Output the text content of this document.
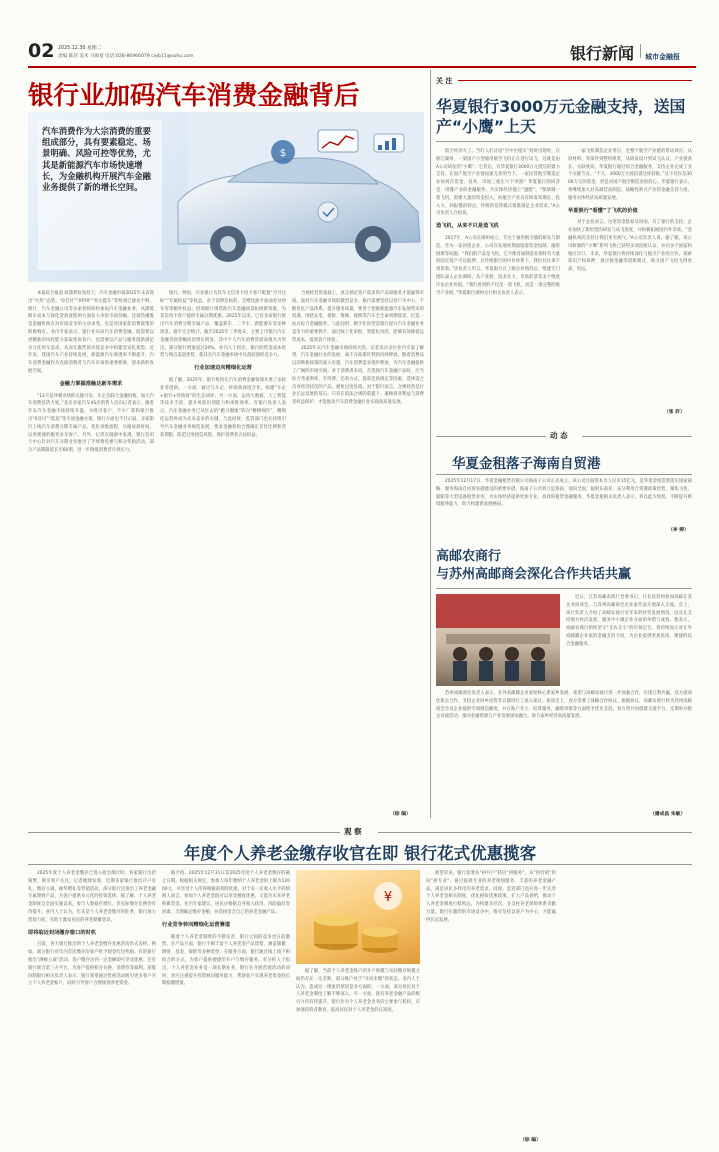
02 2025.12.30 星期二
责编 陈萍 美术 马海宽 电话:028-86966079 cejb11@sohu.com	银行新闻	城市金融报
银行业加码汽车消费金融背后
$
汽车消费作为大宗消费的重要组成部分，具有要素稳定、场景明确、风险可控等优势，尤其是新能源汽车市场快速增长，为金融机构开展汽车金融业务提供了新的增长空间。

本报综合报道 政策利好加持下，汽车金融市场2025年末表现出“火热”态势。“0首付”“0利率”“0元提车”等机遇已屡见不鲜。银行、汽车金融公司等多家机构纷纷加码汽车金融业务，从降低购车成本与简化贷款流程两方面发力争抢市场份额。这场热潮既是金融机构应对市场竞争的主动求变，也是对国家促消费政策的积极响应。业内专家表示，银行业布局汽车消费金融，既需要以更精准的风控能力获取优质客户，也需要以产品与服务创新满足多元化用车需求，从而在激烈的市场竞争中构建差异化优势。近年来，我国汽车产业持续发展，新能源汽车渗透率不断提升，汽车消费金融作为连接消费者与汽车市场的重要桥梁，迎来新的发展空间。

金融力掌握准触达新车需求

“12月是冲刺业绩的关键月份，车企会联合金融机构，加大汽车消费信贷力度。”北京多家汽车4S店销售人员向记者表示，随着年末汽车金融市场持续升温，为吸引客户，不少厂商和银行推出“0首付”“低息”等专项金融方案。银行方面也不甘示弱，多家银行上线汽车消费分期专属产品，优化审批流程，压缩放款时间，以更便捷的服务争夺客户。另外，记者在调研中发现，银行信用卡中心针对汽车分期业务推出了手续费优惠与积分奖励活动，部分产品期限延长至60期，进一步降低消费者月供压力。

银行。例如，兴业银行为其车主信用卡持卡客户配置“月月达标”“专属权益”等权益，对于消费达标的，会赠送油卡加油券及停车券等额外权益；招商银行则借助汽车金融场景拓展新客群，为其信用卡客户提供专属分期优惠。2025年以来，已有多家银行推出汽车消费分期专属产品，覆盖新车、二手车、新能源车等多种场景。据不完全统计，截至2025年三季度末，主要上市银行汽车金融贷款余额同比增长明显，其中个人汽车消费贷款表现尤为突出，部分银行增速超过20%。业内人士指出，银行的资金成本优势与网点渠道优势，使其在汽车金融市场中具备较强的竞争力。

行业加速迈向精细化运营

据了解，2025年，银行机构在汽车消费金融领域开展了多轮业务创新。一方面，通过与车企、经销商深度合作，构建“车企+银行+经销商”的生态闭环；另一方面，运用大数据、人工智能等技术手段，提升风险识别能力和审批效率。有银行负责人表示，汽车金融业务已从过去的“跑马圈地”转向“精耕细作”，精细化运营将成为未来竞争的关键。与此同时，监管部门也在持续引导汽车金融业务规范发展，要求金融机构合理确定首付比例和贷款期限，防范过度授信风险，保护消费者合法权益。

合规经营的基础上，真正满足客户需求的产品和服务才能赢得市场。面对汽车金融市场的激烈竞争，银行需要坚持以客户为中心，不断优化产品体系，提升服务质量。要善于把握新能源汽车发展带来的机遇，围绕充电、保险、维修、置换等汽车全生命周期场景，打造一站式综合金融服务。与此同时，数字化转型是银行提升汽车金融业务竞争力的重要抓手，通过线上化审批、智能化风控，能够有效降低运营成本，提高客户体验。

2025年末汽车金融市场持续火热，记者采访多位业内专家了解到，汽车金融行业的发展，离不开政策红利的持续释放。随着消费品以旧换新政策的深入实施，汽车消费需求逐步释放，为汽车金融提供了广阔的市场空间。对于消费者来说，在选择汽车金融产品时，应当综合考虑利率、手续费、还款方式、提前还款规定等因素，选择适合自身经济状况的产品，避免过度负债。对于银行而言，合规经营是行业长远发展的基石。只有在依法合规的前提下，兼顾商业利益与消费者权益保护，才能推动汽车消费金融行业实现高质量发展。

（综 编）
关 注
华夏银行3000万元金融支持，送国产“小鹰”上天

低空经济火了。当红人们讨论“空中出租车”何时出现时，在浙江湖州，一架国产小型通用航空飞机正在进行试飞，这就是由A公司研发的“小鹰”。它背后，有华夏银行3000万元授信的鼎力支持。在国产航空产业链加速完善的当下，一家民营航空制造企业如何在资金、技术、市场三重压力下突围？华夏银行的回答是：用懂产业的金融服务，为实体经济插上“翅膀”。“要研制一架飞机，需要大量的资金投入，而航空产业具有研发周期长、投入大、回报慢的特点，传统的信贷模式很难满足企业需求。”A公司负责人介绍说。

造飞机，从来不只是造飞机

2017年，A公司在湖州成立，专注于通用航空器的研发与制造。作为一家初创企业，公司在发展初期面临着资金短缺、融资困难等问题。“我们的产品是飞机，它不像普通制造业那样有大量的固定资产可以抵押，在传统银行的评价体系下，我们往往拿不到贷款。”该负责人坦言。华夏银行在了解企业情况后，组建专门团队深入企业调研，从产业链、技术实力、市场前景等多个维度评估企业价值。“我们看到的不仅是一架飞机，而是一条完整的航空产业链。”华夏银行湖州分行相关负责人表示。

一家飞机制造企业背后，是整个航空产业链的带动效应。从原材料、零部件到整机组装，从研发设计到试飞认证，产业链条长、关联度高。华夏银行通过综合金融服务，支持企业完成了多个关键节点。“不久，3000万元授信就这样获批。”这不仅仅是3000万元的资金，更是对国产航空制造业的信心。华夏银行表示，将继续加大对高端装备制造、战略性新兴产业的金融支持力度，服务实体经济高质量发展。

华夏银行“看懂”了飞机的价值

对于企业而言，这笔资金犹如及时雨。有了银行的支持，企业加快了新机型的研发与试飞进度，并积极拓展国内外市场。“金融机构的支持让我们更有底气。”A公司负责人说。据了解，该公司研制的“小鹰”系列飞机已获得多项适航认证，并向多个国家和地区出口。未来，华夏银行将持续深化与航空产业的合作，探索知识产权质押、供应链金融等创新模式，助力国产飞机飞得更高、更远。

（张 轩）
动 态
华夏金租落子海南自贸港

2025年12月17日，华夏金融租赁有限公司海南子公司正式成立。该公司注册资本为人民币15亿元，是华夏金租贯彻落实国家战略、服务海南自由贸易港建设的重要举措。海南子公司将立足海南、面向全国、辐射东南亚，充分利用自贸港政策优势，聚焦飞机、船舶等大型设备租赁业务，为实体经济提供更加专业、高效的租赁金融服务。华夏金租相关负责人表示，将以此为契机，不断提升跨境服务能力，助力构建新发展格局。

（李 婷）
高邮农商行
与苏州高邮商会深化合作共话共赢

近日，江苏高邮农商行党委书记、行长赴苏州参加高邮在苏企业座谈会，与苏州高邮商会企业家代表开展深入交流。会上，该行负责人介绍了高邮农商行近年来的经营发展情况，以及在支持地方经济发展、服务中小微企业方面的举措与成效。他表示，高邮农商行始终坚守“支农支小”的市场定位，将持续加大对在外高邮籍企业家的金融支持力度，为企业提供更加优质、便捷的综合金融服务。

苏州高邮商会负责人表示，在外高邮籍企业家始终心系家乡发展，希望与高邮农商行进一步加强合作，实现互利共赢。双方就深化银企合作、支持企业回乡投资等议题进行了深入探讨。座谈会上，双方签署了战略合作协议。根据协议，高邮农商行将为苏州高邮商会会员企业提供专项授信额度，并在账户开立、结算服务、融资审批等方面给予优先支持。双方将共同搭建交流平台，定期举办银企对接活动，推动金融资源与产业发展深度融合，助力家乡经济高质量发展。

（潘成昌 朱敏）
观 察
年度个人养老金缴存收官在即 银行花式优惠揽客

2025年度个人养老金缴存已进入收官倒计时，各家银行出招频繁，吸引客户关注。记者梳理发现，近期多家银行推出开户有礼、缴存立减、抽奖赠礼等营销活动，部分银行还推出了养老金融专属理财产品，为客户提供多元化的投资选择。据了解，个人养老金制度自全面实施以来，参与人数稳步增长，但实际缴存比例仍有待提升。业内人士认为，年末是个人养老金缴存的旺季，银行加大营销力度，有助于激发居民的养老储蓄意识。

即将临近封闭缴存窗口的时机

目前，各大银行推出的个人养老金缴存优惠活动形式多样。例如，部分银行对年内首次缴存的客户给予现金红包奖励；有的银行推出“满额立减”活动，客户缴存达到一定金额即可享受优惠；还有银行联合第三方平台，为客户提供积分兑换、消费券等福利。某股份制银行相关负责人表示，银行希望通过优惠活动吸引更多客户开立个人养老金账户，同时引导客户合理规划养老资金。

据介绍，2025年12月31日是2025年度个人养老金缴存的截止日期。根据相关规定，参加人每年缴纳个人养老金的上限为12000元，可享受个人所得税税前扣除优惠。对于有一定收入水平的纳税人而言，参加个人养老金既可以享受税收优惠，又能为未来养老积累资金。业内专家建议，居民应根据自身收入状况、风险偏好等因素，合理确定缴存金额，并选择适合自己的养老金融产品。

行业竞争转向精细化运营赛道

随着个人养老金制度的不断完善，银行之间的竞争也日趋激烈。在产品方面，银行不断丰富个人养老金产品货架，涵盖储蓄、理财、基金、保险等多种类型；在服务方面，银行通过线上线下相结合的方式，为客户提供便捷的开户与缴存服务。有分析人士指出，个人养老金业务是一项长期业务，银行在开展营销活动的同时，更应注重提升投资顾问服务能力，帮助客户实现养老资金的长期稳健增值。

¥

据了解，当前个人养老金账户的开户规模与实际缴存规模之间仍存在一定差距，部分账户处于“开而未缴”的状态。业内人士认为，造成这一现象的原因是多方面的，一方面，部分居民对个人养老金制度了解不够深入；另一方面，现有养老金融产品的吸引力仍有待提升。银行作为个人养老金业务的主要参与机构，应加强投资者教育，提高居民对个人养老金的认知度。

展望未来，银行需要从“拼开户”转向“拼服务”，从“拼营销”转向“拼专业”。通过提供专业的养老规划服务、丰富的养老金融产品，满足居民多样化的养老需求。同时，监管部门也应进一步完善个人养老金相关制度，优化税收优惠政策，扩大产品供给，推动个人养老金制度行稳致远，为构建多层次、多支柱养老保险体系贡献力量。银行在激烈的市场竞争中，唯有坚持以客户为中心，才能赢得长远发展。

（综 编）
